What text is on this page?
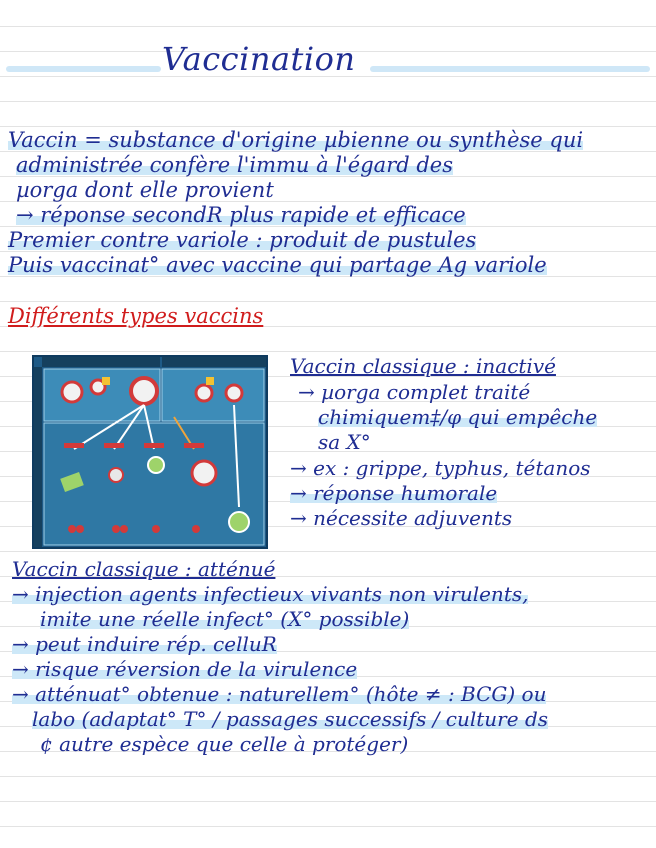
Vaccination
Vaccin = substance d'origine µbienne ou synthèse qui
administrée confère l'immu à l'égard des
µorga dont elle provient
→ réponse secondR plus rapide et efficace
Premier contre variole : produit de pustules
Puis vaccinat° avec vaccine qui partage Ag variole
Différents types vaccins
Vaccin classique : inactivé
→ µorga complet traité
chimiquem‡/φ qui empêche
sa X°
→ ex : grippe, typhus, tétanos
→ réponse humorale
→ nécessite adjuvents
Vaccin classique : atténué
→ injection agents infectieux vivants non virulents,
imite une réelle infect° (X° possible)
→ peut induire rép. celluR
→ risque réversion de la virulence
→ atténuat° obtenue : naturellem° (hôte ≠ : BCG) ou
labo (adaptat° T° / passages successifs / culture ds
¢ autre espèce que celle à protéger)
